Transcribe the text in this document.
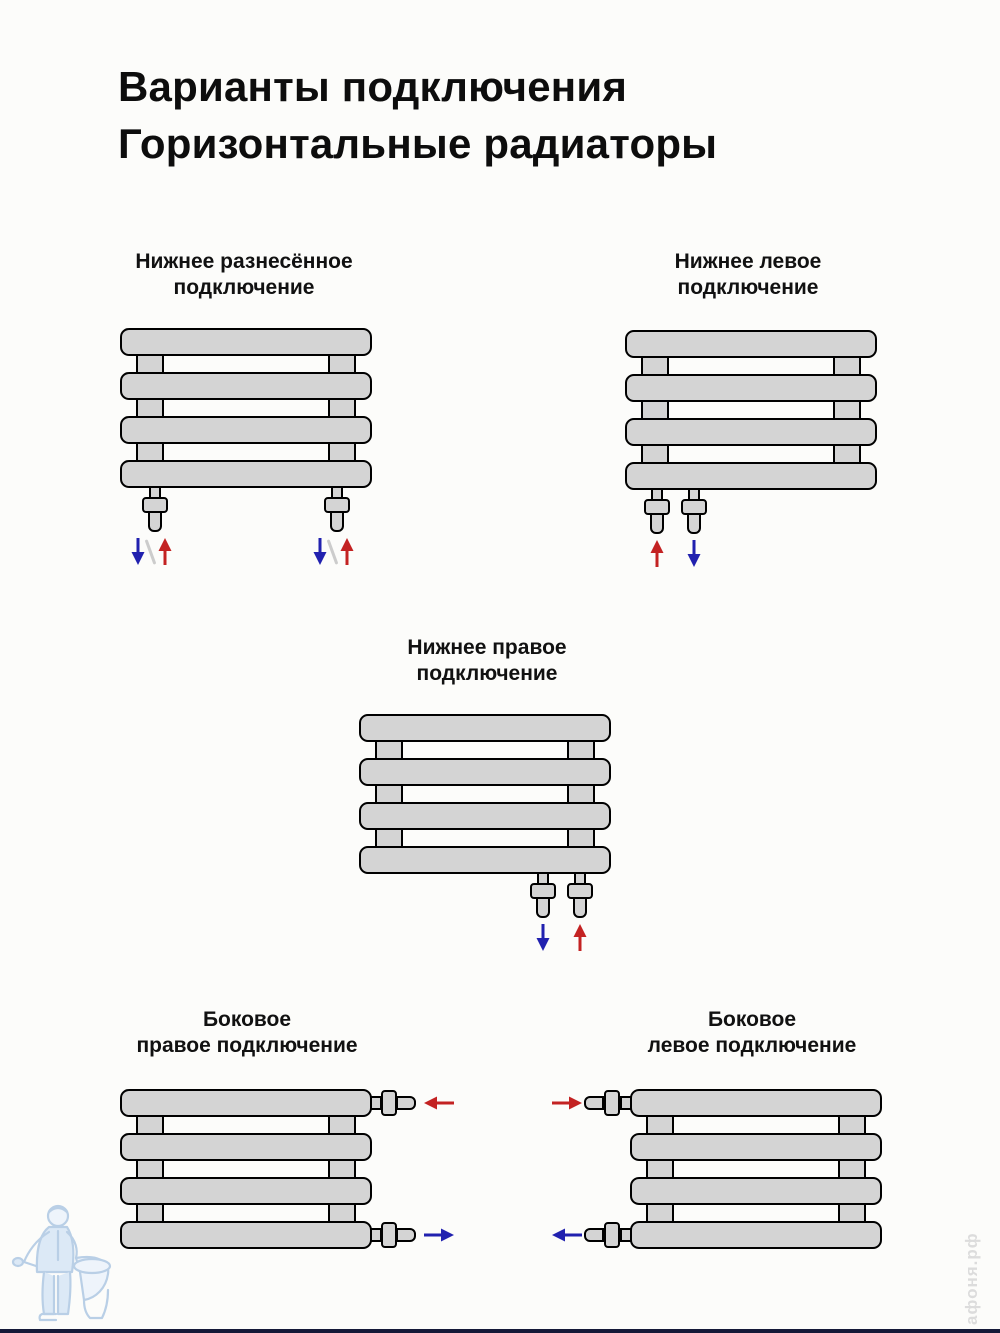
Варианты подключения
Горизонтальные радиаторы
Нижнее разнесённое
подключение
Нижнее левое
подключение
Нижнее правое
подключение
Боковое
правое подключение
Боковое
левое подключение
афоня.рф
